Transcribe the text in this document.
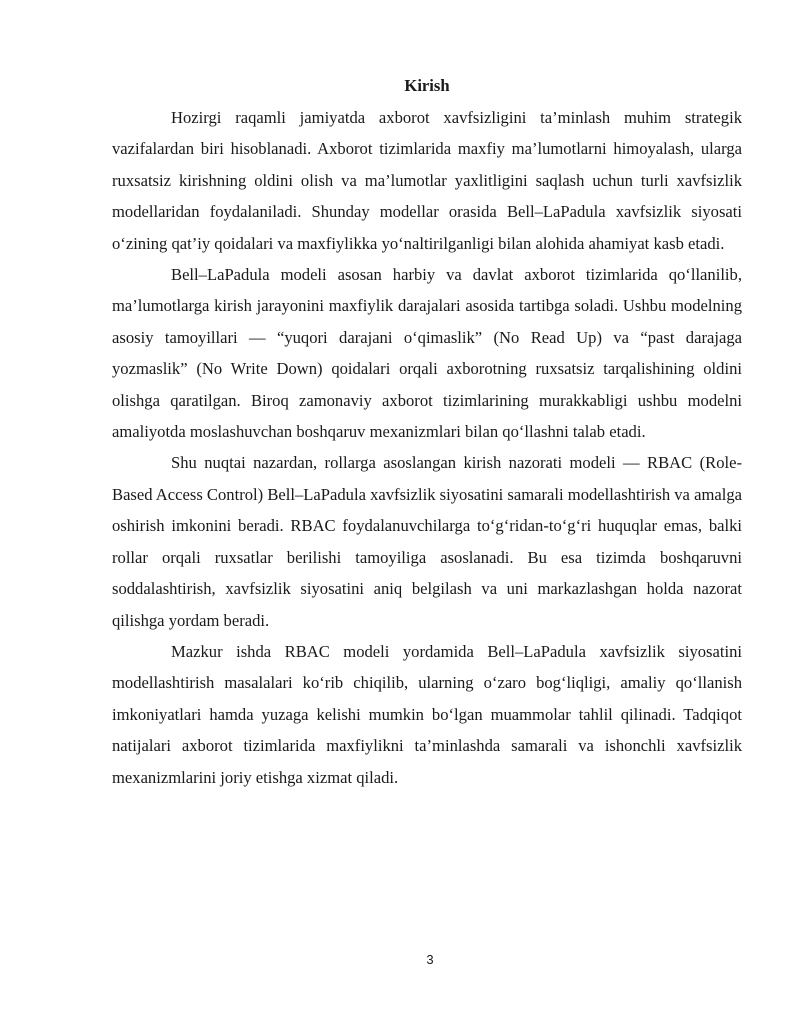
Kirish

Hozirgi raqamli jamiyatda axborot xavfsizligini ta’minlash muhim strategik vazifalardan biri hisoblanadi. Axborot tizimlarida maxfiy ma’lumotlarni himoyalash, ularga ruxsatsiz kirishning oldini olish va ma’lumotlar yaxlitligini saqlash uchun turli xavfsizlik modellaridan foydalaniladi. Shunday modellar orasida Bell–LaPadula xavfsizlik siyosati o‘zining qat’iy qoidalari va maxfiylikka yo‘naltirilganligi bilan alohida ahamiyat kasb etadi.

Bell–LaPadula modeli asosan harbiy va davlat axborot tizimlarida qo‘llanilib, ma’lumotlarga kirish jarayonini maxfiylik darajalari asosida tartibga soladi. Ushbu modelning asosiy tamoyillari — “yuqori darajani o‘qimaslik” (No Read Up) va “past darajaga yozmaslik” (No Write Down) qoidalari orqali axborotning ruxsatsiz tarqalishining oldini olishga qaratilgan. Biroq zamonaviy axborot tizimlarining murakkabligi ushbu modelni amaliyotda moslashuvchan boshqaruv mexanizmlari bilan qo‘llashni talab etadi.

Shu nuqtai nazardan, rollarga asoslangan kirish nazorati modeli — RBAC (Role-Based Access Control) Bell–LaPadula xavfsizlik siyosatini samarali modellashtirish va amalga oshirish imkonini beradi. RBAC foydalanuvchilarga to‘g‘ridan-to‘g‘ri huquqlar emas, balki rollar orqali ruxsatlar berilishi tamoyiliga asoslanadi. Bu esa tizimda boshqaruvni soddalashtirish, xavfsizlik siyosatini aniq belgilash va uni markazlashgan holda nazorat qilishga yordam beradi.

Mazkur ishda RBAC modeli yordamida Bell–LaPadula xavfsizlik siyosatini modellashtirish masalalari ko‘rib chiqilib, ularning o‘zaro bog‘liqligi, amaliy qo‘llanish imkoniyatlari hamda yuzaga kelishi mumkin bo‘lgan muammolar tahlil qilinadi. Tadqiqot natijalari axborot tizimlarida maxfiylikni ta’minlashda samarali va ishonchli xavfsizlik mexanizmlarini joriy etishga xizmat qiladi.

3
